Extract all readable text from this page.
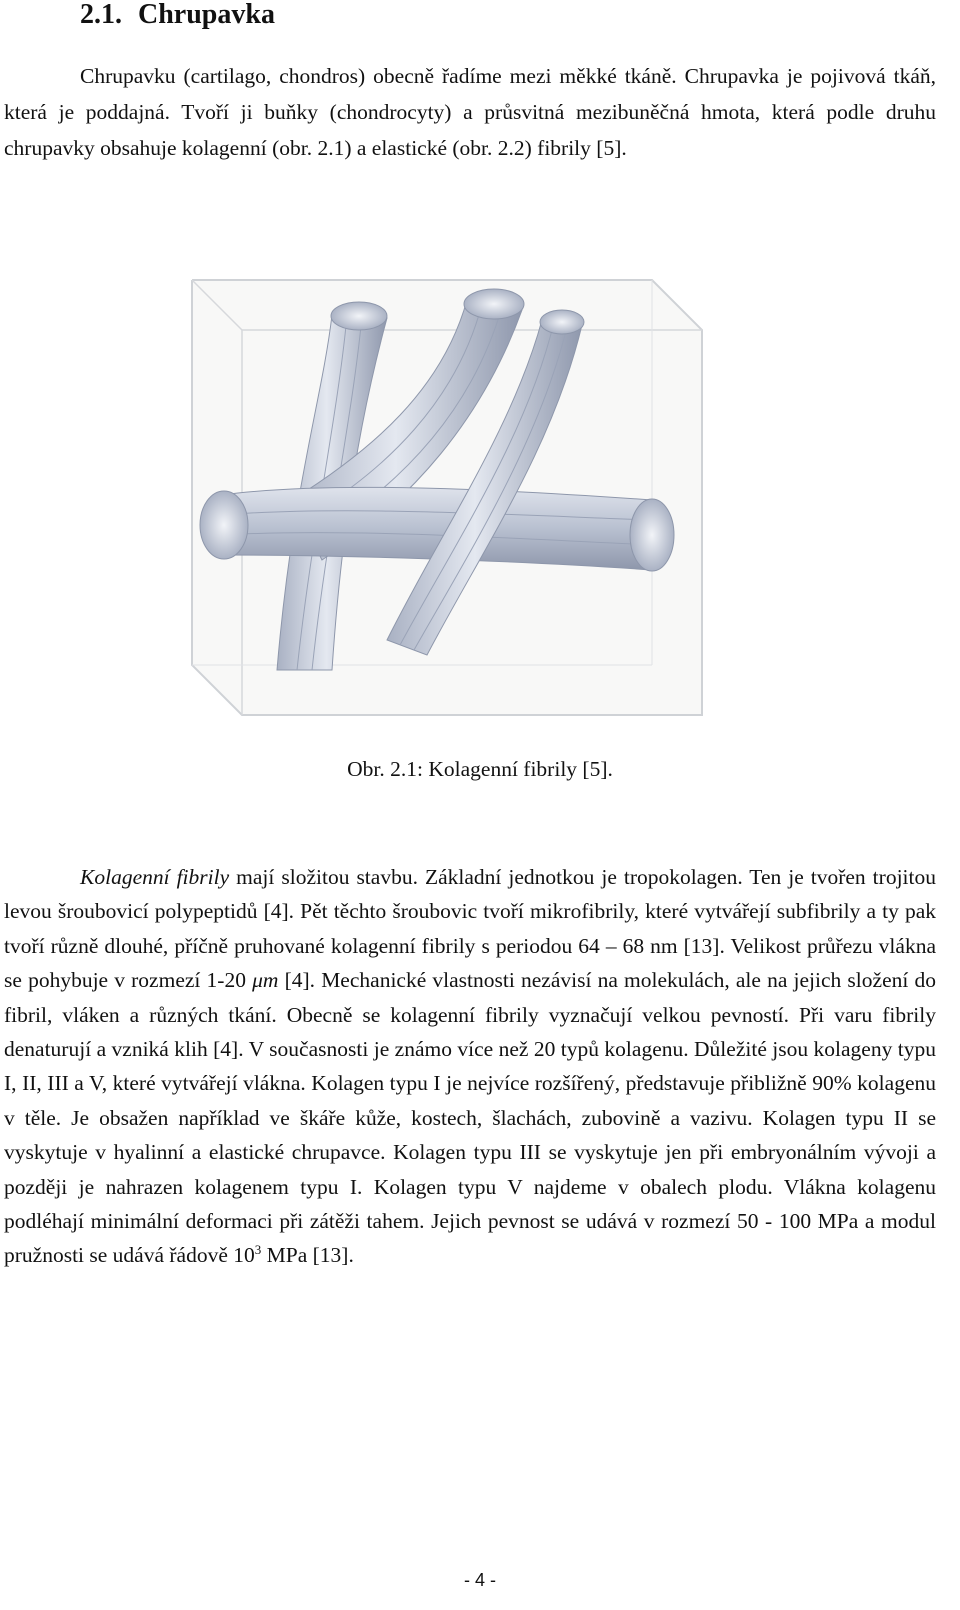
2.1. Chrupavka

Chrupavku (cartilago, chondros) obecně řadíme mezi měkké tkáně. Chrupavka je pojivová tkáň, která je poddajná. Tvoří ji buňky (chondrocyty) a průsvitná mezibuněčná hmota, která podle druhu chrupavky obsahuje kolagenní (obr. 2.1) a elastické (obr. 2.2) fibrily [5].

Obr. 2.1: Kolagenní fibrily [5].

Kolagenní fibrily mají složitou stavbu. Základní jednotkou je tropokolagen. Ten je tvořen trojitou levou šroubovicí polypeptidů [4]. Pět těchto šroubovic tvoří mikrofibrily, které vytvářejí subfibrily a ty pak tvoří různě dlouhé, příčně pruhované kolagenní fibrily s periodou 64 – 68 nm [13]. Velikost průřezu vlákna se pohybuje v rozmezí 1-20 μm [4]. Mechanické vlastnosti nezávisí na molekulách, ale na jejich složení do fibril, vláken a různých tkání. Obecně se kolagenní fibrily vyznačují velkou pevností. Při varu fibrily denaturují a vzniká klih [4]. V současnosti je známo více než 20 typů kolagenu. Důležité jsou kolageny typu I, II, III a V, které vytvářejí vlákna. Kolagen typu I je nejvíce rozšířený, představuje přibližně 90% kolagenu v těle. Je obsažen například ve škáře kůže, kostech, šlachách, zubovině a vazivu. Kolagen typu II se vyskytuje v hyalinní a elastické chrupavce. Kolagen typu III se vyskytuje jen při embryonálním vývoji a později je nahrazen kolagenem typu I. Kolagen typu V najdeme v obalech plodu. Vlákna kolagenu podléhají minimální deformaci při zátěži tahem. Jejich pevnost se udává v rozmezí 50 - 100 MPa a modul pružnosti se udává řádově $10^3$ MPa [13].

- 4 -
